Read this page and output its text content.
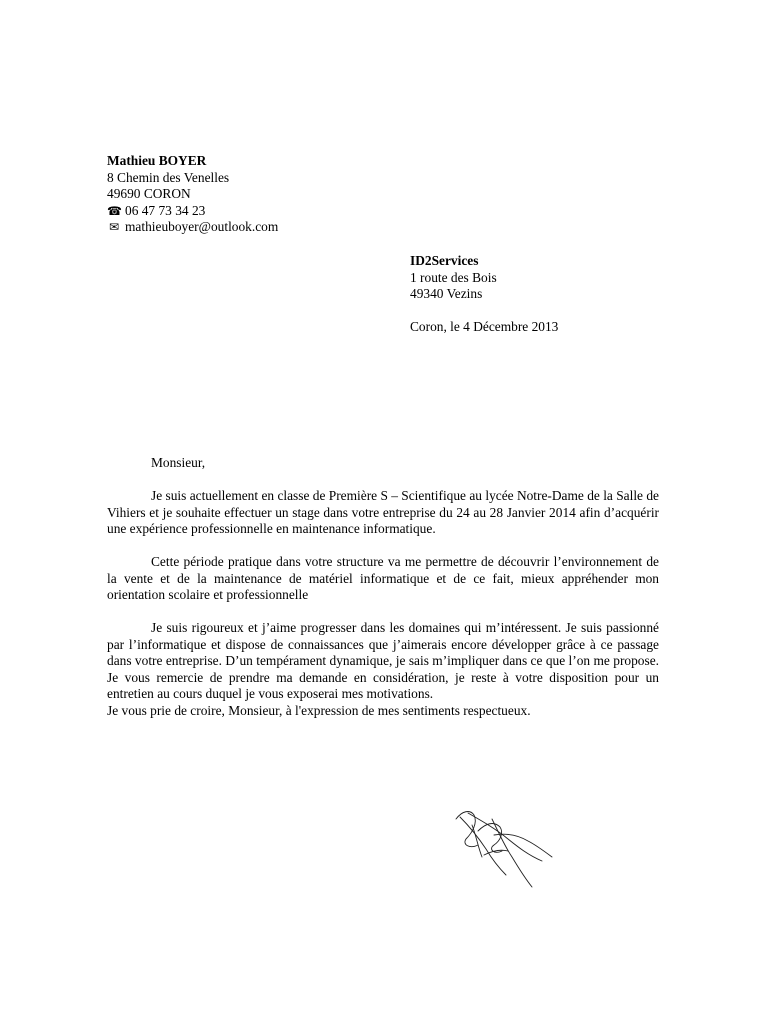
Mathieu BOYER
8 Chemin des Venelles
49690 CORON
☎ 06 47 73 34 23
✉ mathieuboyer@outlook.com
ID2Services
1 route des Bois
49340 Vezins
Coron, le 4 Décembre 2013

Monsieur,

Je suis actuellement en classe de Première S – Scientifique au lycée Notre-Dame de la Salle de Vihiers et je souhaite effectuer un stage dans votre entreprise du 24 au 28 Janvier 2014 afin d’acquérir une expérience professionnelle en maintenance informatique.

Cette période pratique dans votre structure va me permettre de découvrir l’environnement de la vente et de la maintenance de matériel informatique et de ce fait, mieux appréhender mon orientation scolaire et professionnelle

Je suis rigoureux et j’aime progresser dans les domaines qui m’intéressent. Je suis passionné par l’informatique et dispose de connaissances que j’aimerais encore développer grâce à ce passage dans votre entreprise. D’un tempérament dynamique, je sais m’impliquer dans ce que l’on me propose. Je vous remercie de prendre ma demande en considération, je reste à votre disposition pour un entretien au cours duquel je vous exposerai mes motivations.
Je vous prie de croire, Monsieur, à l'expression de mes sentiments respectueux.
